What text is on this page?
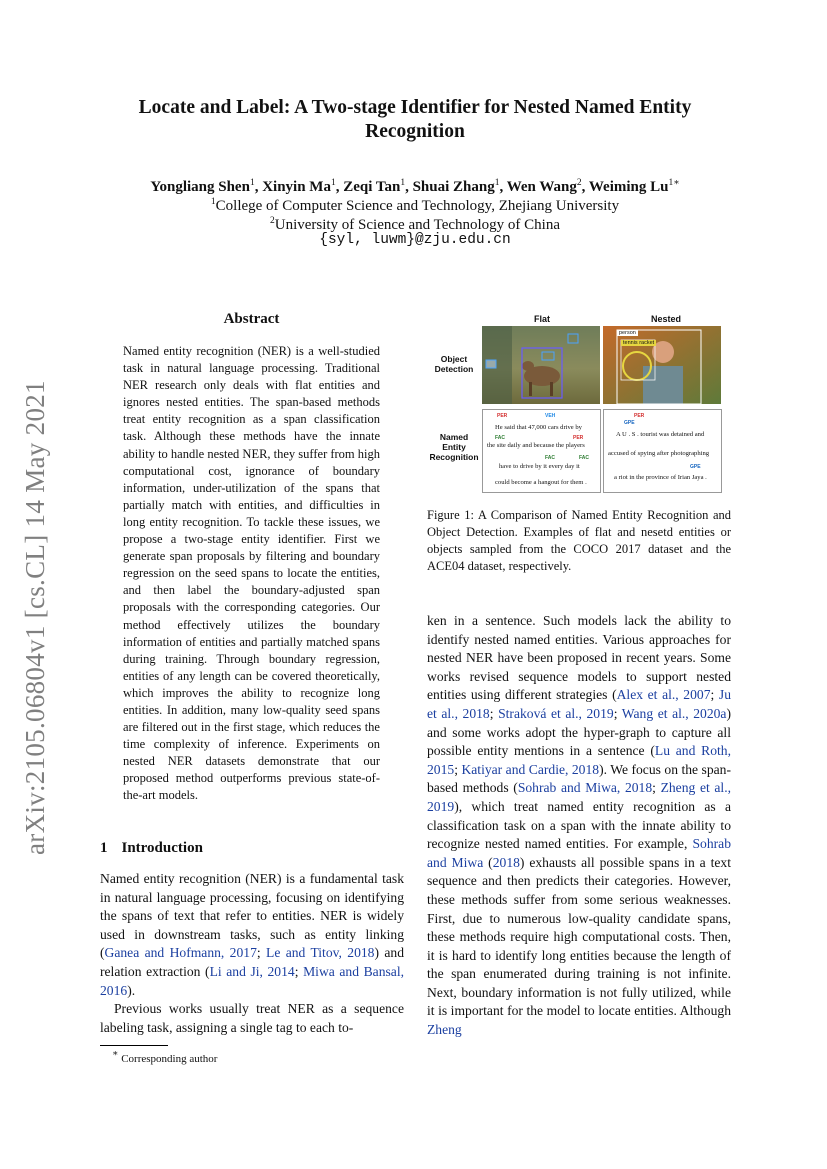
arXiv:2105.06804v1 [cs.CL] 14 May 2021
Locate and Label: A Two-stage Identifier for Nested Named Entity Recognition
Yongliang Shen$^1$, Xinyin Ma$^1$, Zeqi Tan$^1$, Shuai Zhang$^1$, Wen Wang$^2$, Weiming $Lu^{1∗}$
$^1$College of Computer Science and Technology, Zhejiang University
$^2$University of Science and Technology of China
{syl, luwm}@zju.edu.cn
Abstract
Named entity recognition (NER) is a well-studied task in natural language processing. Traditional NER research only deals with flat entities and ignores nested entities. The span-based methods treat entity recognition as a span classification task. Although these methods have the innate ability to handle nested NER, they suffer from high computational cost, ignorance of boundary information, under-utilization of the spans that partially match with entities, and difficulties in long entity recognition. To tackle these issues, we propose a two-stage entity identifier. First we generate span proposals by filtering and boundary regression on the seed spans to locate the entities, and then label the boundary-adjusted span proposals with the corresponding categories. Our method effectively utilizes the boundary information of entities and partially matched spans during training. Through boundary regression, entities of any length can be covered theoretically, which improves the ability to recognize long entities. In addition, many low-quality seed spans are filtered out in the first stage, which reduces the time complexity of inference. Experiments on nested NER datasets demonstrate that our proposed method outperforms previous state-of-the-art models.
1 Introduction

Named entity recognition (NER) is a fundamental task in natural language processing, focusing on identifying the spans of text that refer to entities. NER is widely used in downstream tasks, such as entity linking (Ganea and Hofmann, 2017; Le and Titov, 2018) and relation extraction (Li and Ji, 2014; Miwa and Bansal, 2016).

Previous works usually treat NER as a sequence labeling task, assigning a single tag to each to-

∗ Corresponding author

ken in a sentence. Such models lack the ability to identify nested named entities. Various approaches for nested NER have been proposed in recent years. Some works revised sequence models to support nested entities using different strategies (Alex et al., 2007; Ju et al., 2018; Straková et al., 2019; Wang et al., 2020a) and some works adopt the hyper-graph to capture all possible entity mentions in a sentence (Lu and Roth, 2015; Katiyar and Cardie, 2018). We focus on the span-based methods (Sohrab and Miwa, 2018; Zheng et al., 2019), which treat named entity recognition as a classification task on a span with the innate ability to recognize nested named entities. For example, Sohrab and Miwa (2018) exhausts all possible spans in a text sequence and then predicts their categories. However, these methods suffer from some serious weaknesses. First, due to numerous low-quality candidate spans, these methods require high computational costs. Then, it is hard to identify long entities because the length of the span enumerated during training is not infinite. Next, boundary information is not fully utilized, while it is important for the model to locate entities. Although Zheng

Flat	Nested
Object Detection
Named Entity Recognition
person
tennis racket
PER	VEH
He said that 47,000 cars drive by
FAC	PER
the site daily and because the players
FAC	FAC
have to drive by it every day it
could become a hangout for them .
PER
GPE
A U . S . tourist was detained and
accused of spying after photographing
GPE
a riot in the province of Irian Jaya .
Figure 1: A Comparison of Named Entity Recognition and Object Detection. Examples of flat and nesetd entities or objects sampled from the COCO 2017 dataset and the ACE04 dataset, respectively.
